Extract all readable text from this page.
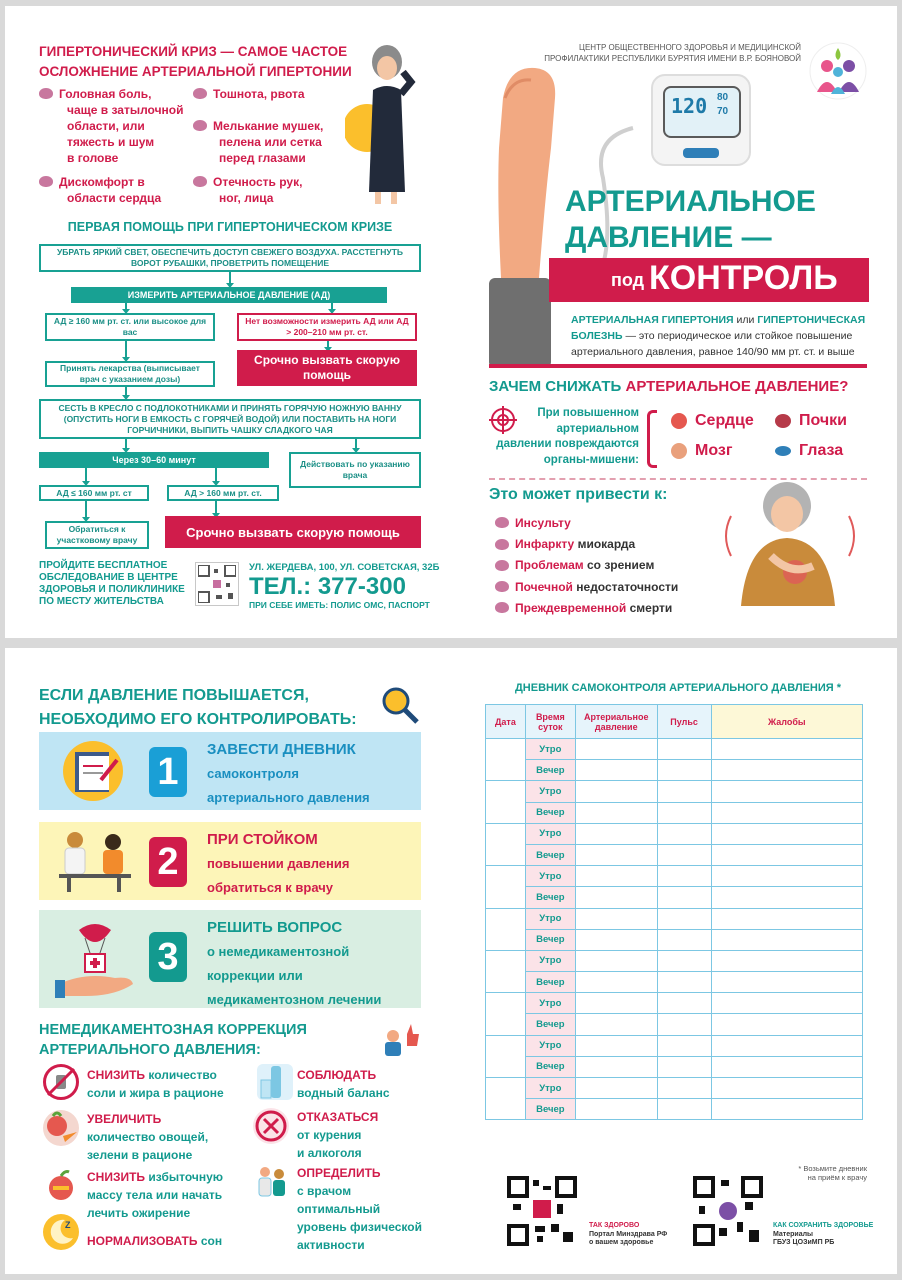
ГИПЕРТОНИЧЕСКИЙ КРИЗ — САМОЕ ЧАСТОЕ
ОСЛОЖНЕНИЕ АРТЕРИАЛЬНОЙ ГИПЕРТОНИИ
Головная боль,
чаще в затылочной
области, или
тяжесть и шум
в голове
Тошнота, рвота
Мелькание мушек,
пелена или сетка
перед глазами
Дискомфорт в
области сердца
Отечность рук,
ног, лица
ПЕРВАЯ ПОМОЩЬ ПРИ ГИПЕРТОНИЧЕСКОМ КРИЗЕ
УБРАТЬ ЯРКИЙ СВЕТ, ОБЕСПЕЧИТЬ ДОСТУП СВЕЖЕГО ВОЗДУХА. РАССТЕГНУТЬ ВОРОТ РУБАШКИ, ПРОВЕТРИТЬ ПОМЕЩЕНИЕ
ИЗМЕРИТЬ АРТЕРИАЛЬНОЕ ДАВЛЕНИЕ (АД)
АД ≥ 160 мм рт. ст. или высокое для вас
Нет возможности измерить АД или АД > 200–210 мм рт. ст.
Срочно вызвать скорую помощь
Принять лекарства (выписывает врач с указанием дозы)
СЕСТЬ В КРЕСЛО С ПОДЛОКОТНИКАМИ И ПРИНЯТЬ ГОРЯЧУЮ НОЖНУЮ ВАННУ (ОПУСТИТЬ НОГИ В ЕМКОСТЬ С ГОРЯЧЕЙ ВОДОЙ) ИЛИ ПОСТАВИТЬ НА НОГИ ГОРЧИЧНИКИ, ВЫПИТЬ ЧАШКУ СЛАДКОГО ЧАЯ
Через 30–60 минут	Действовать по указанию врача
АД ≤ 160 мм рт. ст	АД > 160 мм рт. ст.
Обратиться к участковому врачу
Срочно вызвать скорую помощь
ПРОЙДИТЕ БЕСПЛАТНОЕ ОБСЛЕДОВАНИЕ В ЦЕНТРЕ ЗДОРОВЬЯ И ПОЛИКЛИНИКЕ ПО МЕСТУ ЖИТЕЛЬСТВА
УЛ. ЖЕРДЕВА, 100, УЛ. СОВЕТСКАЯ, 32Б
ТЕЛ.: 377-300
ПРИ СЕБЕ ИМЕТЬ: ПОЛИС ОМС, ПАСПОРТ
ЦЕНТР ОБЩЕСТВЕННОГО ЗДОРОВЬЯ И МЕДИЦИНСКОЙ
ПРОФИЛАКТИКИ РЕСПУБЛИКИ БУРЯТИЯ ИМЕНИ В.Р. БОЯНОВОЙ
120 80
70
АРТЕРИАЛЬНОЕ
ДАВЛЕНИЕ —
под КОНТРОЛЬ
АРТЕРИАЛЬНАЯ ГИПЕРТОНИЯ или ГИПЕРТОНИЧЕСКАЯ
БОЛЕЗНЬ — это периодическое или стойкое повышение
артериального давления, равное 140/90 мм рт. ст. и выше
ЗАЧЕМ СНИЖАТЬ АРТЕРИАЛЬНОЕ ДАВЛЕНИЕ?
При повышенном
артериальном
давлении повреждаются
органы-мишени:
Сердце	Почки
Мозг	Глаза
Это может привести к:
Инсульту
Инфаркту миокарда
Проблемам со зрением
Почечной недостаточности
Преждевременной смерти
ЕСЛИ ДАВЛЕНИЕ ПОВЫШАЕТСЯ,
НЕОБХОДИМО ЕГО КОНТРОЛИРОВАТЬ:
1
ЗАВЕСТИ ДНЕВНИК
самоконтроля
артериального давления
2
ПРИ СТОЙКОМ
повышении давления
обратиться к врачу
3
РЕШИТЬ ВОПРОС
о немедикаментозной
коррекции или
медикаментозном лечении
НЕМЕДИКАМЕНТОЗНАЯ КОРРЕКЦИЯ
АРТЕРИАЛЬНОГО ДАВЛЕНИЯ:
СНИЗИТЬ количество
соли и жира в рационе
СОБЛЮДАТЬ
водный баланс
УВЕЛИЧИТЬ
количество овощей,
зелени в рационе
ОТКАЗАТЬСЯ
от курения
и алкоголя
СНИЗИТЬ избыточную
массу тела или начать
лечить ожирение
ОПРЕДЕЛИТЬ
с врачом
оптимальный
уровень физической
активности
Z
НОРМАЛИЗОВАТЬ сон
ДНЕВНИК САМОКОНТРОЛЯ АРТЕРИАЛЬНОГО ДАВЛЕНИЯ *
Дата	Время суток	Артериальное давление	Пульс	Жалобы
	Утро			
	Вечер			
	Утро			
	Вечер			
	Утро			
	Вечер			
	Утро			
	Вечер			
	Утро			
	Вечер			
	Утро			
	Вечер			
	Утро			
	Вечер			
	Утро			
	Вечер			
	Утро			
	Вечер			
* Возьмите дневник
на приём к врачу
ТАК ЗДОРОВО
Портал Минздрава РФ
о вашем здоровье
КАК СОХРАНИТЬ ЗДОРОВЬЕ
Материалы
ГБУЗ ЦОЗиМП РБ
